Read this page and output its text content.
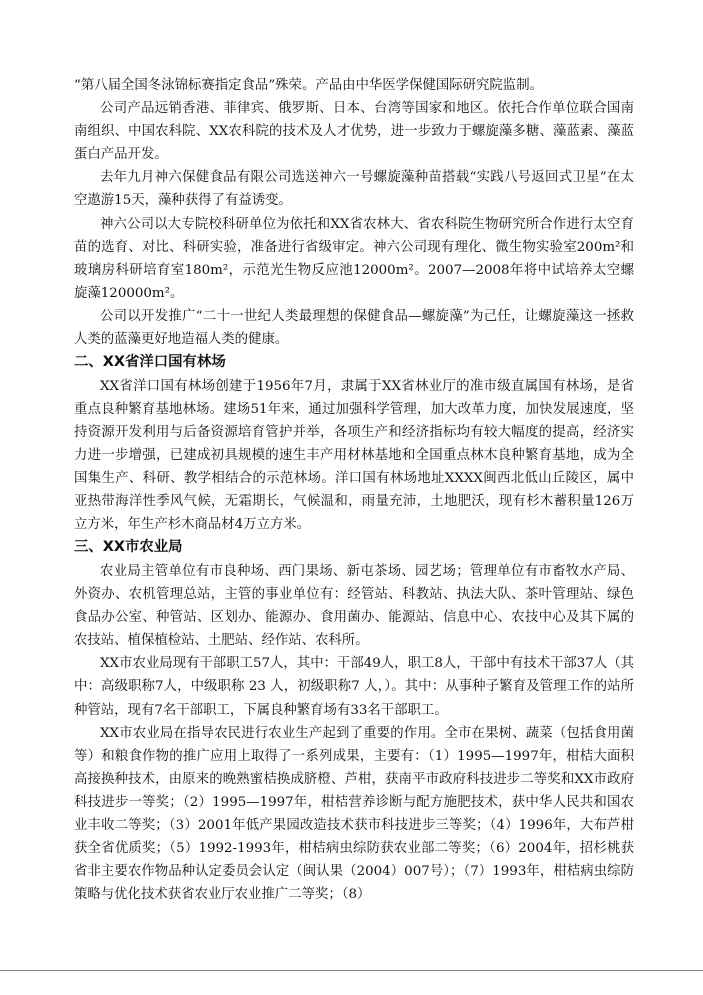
“第八届全国冬泳锦标赛指定食品”殊荣。产品由中华医学保健国际研究院监制。

公司产品远销香港、菲律宾、俄罗斯、日本、台湾等国家和地区。依托合作单位联合国南南组织、中国农科院、XX农科院的技术及人才优势，进一步致力于螺旋藻多糖、藻蓝素、藻蓝蛋白产品开发。

去年九月神六保健食品有限公司选送神六一号螺旋藻种苗搭载“实践八号返回式卫星”在太空遨游15天，藻种获得了有益诱变。

神六公司以大专院校科研单位为依托和XX省农林大、省农科院生物研究所合作进行太空育苗的选育、对比、科研实验，准备进行省级审定。神六公司现有理化、微生物实验室200m²和玻璃房科研培育室180m²，示范光生物反应池12000m²。2007—2008年将中试培养太空螺旋藻120000m²。

公司以开发推广“二十一世纪人类最理想的保健食品—螺旋藻”为己任，让螺旋藻这一拯救人类的蓝藻更好地造福人类的健康。

二、XX省洋口国有林场

XX省洋口国有林场创建于1956年7月，隶属于XX省林业厅的准市级直属国有林场，是省重点良种繁育基地林场。建场51年来，通过加强科学管理，加大改革力度，加快发展速度，坚持资源开发利用与后备资源培育管护并举，各项生产和经济指标均有较大幅度的提高，经济实力进一步增强，已建成初具规模的速生丰产用材林基地和全国重点林木良种繁育基地，成为全国集生产、科研、教学相结合的示范林场。洋口国有林场地址XXXX闽西北低山丘陵区，属中亚热带海洋性季风气候，无霜期长，气候温和，雨量充沛，土地肥沃，现有杉木蓄积量126万立方米，年生产杉木商品材4万立方米。

三、XX市农业局

农业局主管单位有市良种场、西门果场、新屯茶场、园艺场；管理单位有市畜牧水产局、外资办、农机管理总站，主管的事业单位有：经管站、科教站、执法大队、茶叶管理站、绿色食品办公室、种管站、区划办、能源办、食用菌办、能源站、信息中心、农技中心及其下属的农技站、植保植检站、土肥站、经作站、农科所。

XX市农业局现有干部职工57人，其中：干部49人，职工8人，干部中有技术干部37人（其中：高级职称7人，中级职称 23 人，初级职称7 人，）。其中：从事种子繁育及管理工作的站所种管站，现有7名干部职工，下属良种繁育场有33名干部职工。

XX市农业局在指导农民进行农业生产起到了重要的作用。全市在果树、蔬菜（包括食用菌等）和粮食作物的推广应用上取得了一系列成果，主要有：（1）1995—1997年，柑桔大面积高接换种技术，由原来的晚熟蜜桔换成脐橙、芦柑，获南平市政府科技进步二等奖和XX市政府科技进步一等奖；（2）1995—1997年，柑桔营养诊断与配方施肥技术，获中华人民共和国农业丰收二等奖；（3）2001年低产果园改造技术获市科技进步三等奖；（4）1996年，大布芦柑获全省优质奖；（5）1992-1993年，柑桔病虫综防获农业部二等奖；（6）2004年，招杉桃获省非主要农作物品种认定委员会认定（闽认果（2004）007号）；（7）1993年，柑桔病虫综防策略与优化技术获省农业厅农业推广二等奖；（8）
